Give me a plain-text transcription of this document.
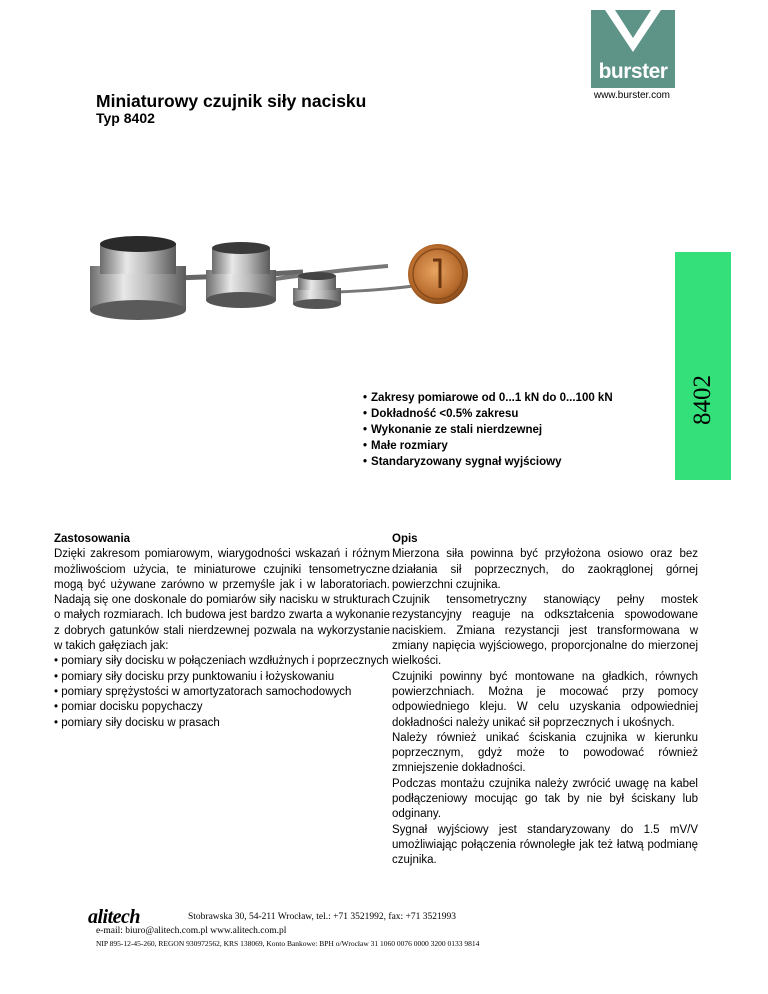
burster
www.burster.com
Miniaturowy czujnik siły nacisku
Typ 8402
8402
• Zakresy pomiarowe od 0...1 kN do 0...100 kN
• Dokładność <0.5% zakresu
• Wykonanie ze stali nierdzewnej
• Małe rozmiary
• Standaryzowany sygnał wyjściowy
Zastosowania

Dzięki zakresom pomiarowym, wiarygodności wskazań i różnym możliwościom użycia, te miniaturowe czujniki tensometryczne mogą być używane zarówno w przemyśle jak i w laboratoriach. Nadają się one doskonale do pomiarów siły nacisku w strukturach o małych rozmiarach. Ich budowa jest bardzo zwarta a wykonanie z dobrych gatunków stali nierdzewnej pozwala na wykorzystanie w takich gałęziach jak:

• pomiary siły docisku w połączeniach wzdłużnych i poprzecznych
• pomiary siły docisku przy punktowaniu i łożyskowaniu
• pomiary sprężystości w amortyzatorach samochodowych
• pomiar docisku popychaczy
• pomiary siły docisku w prasach
Opis

Mierzona siła powinna być przyłożona osiowo oraz bez działania sił poprzecznych, do zaokrąglonej górnej powierzchni czujnika.

Czujnik tensometryczny stanowiący pełny mostek rezystancyjny reaguje na odkształcenia spowodowane naciskiem. Zmiana rezystancji jest transformowana w zmiany napięcia wyjściowego, proporcjonalne do mierzonej wielkości.

Czujniki powinny być montowane na gładkich, równych powierzchniach. Można je mocować przy pomocy odpowiedniego kleju. W celu uzyskania odpowiedniej dokładności należy unikać sił poprzecznych i ukośnych.

Należy również unikać ściskania czujnika w kierunku poprzecznym, gdyż może to powodować również zmniejszenie dokładności.

Podczas montażu czujnika należy zwrócić uwagę na kabel podłączeniowy mocując go tak by nie był ściskany lub odginany.

Sygnał wyjściowy jest standaryzowany do 1.5 mV/V umożliwiając połączenia równoległe jak też łatwą podmianę czujnika.

alitech	Stobrawska 30, 54-211 Wrocław, tel.: +71 3521992, fax: +71 3521993
e-mail: biuro@alitech.com.pl www.alitech.com.pl
NIP 895-12-45-260, REGON 930972562, KRS 138069, Konto Bankowe: BPH o/Wrocław 31 1060 0076 0000 3200 0133 9814
